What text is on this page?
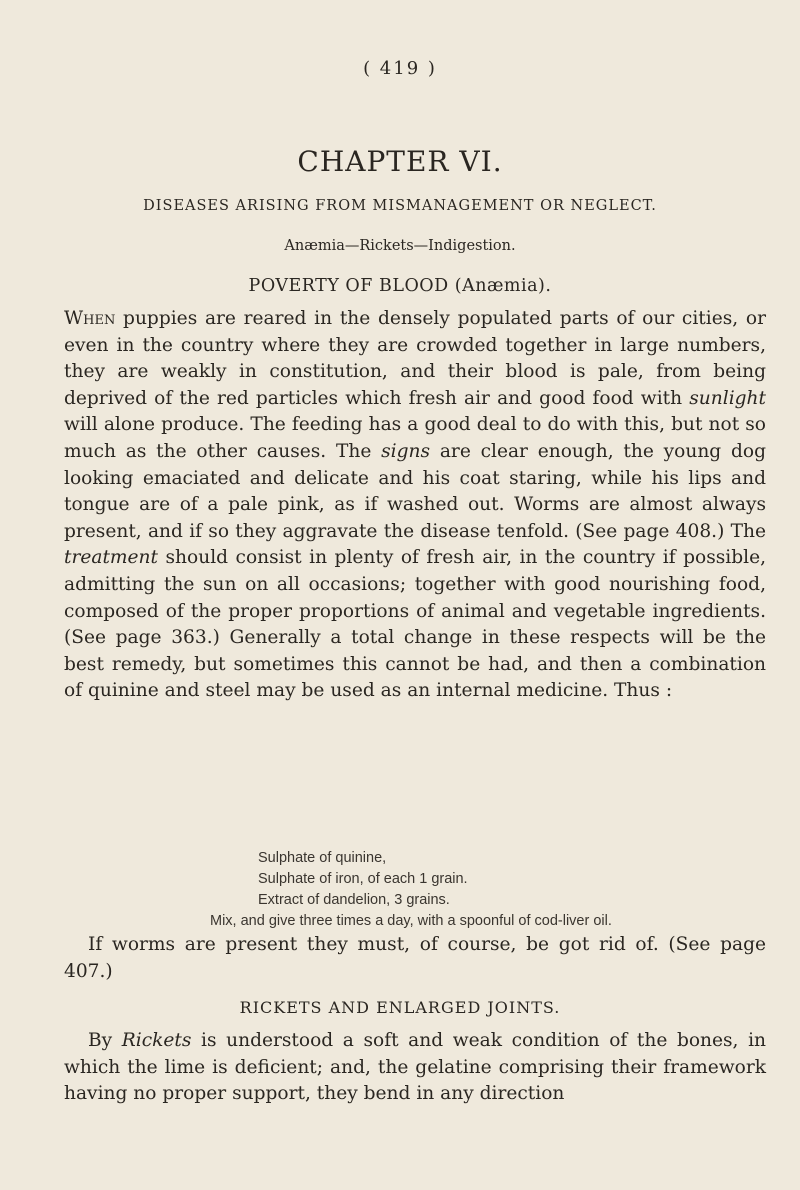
( 419 )
CHAPTER VI.
DISEASES ARISING FROM MISMANAGEMENT OR NEGLECT.
Anæmia—Rickets—Indigestion.
POVERTY OF BLOOD (Anæmia).

When puppies are reared in the densely populated parts of our cities, or even in the country where they are crowded together in large numbers, they are weakly in constitution, and their blood is pale, from being deprived of the red particles which fresh air and good food with sunlight will alone produce. The feeding has a good deal to do with this, but not so much as the other causes. The signs are clear enough, the young dog looking emaciated and delicate and his coat staring, while his lips and tongue are of a pale pink, as if washed out. Worms are almost always present, and if so they aggravate the disease tenfold. (See page 408.) The treatment should consist in plenty of fresh air, in the country if possible, admitting the sun on all occasions; together with good nourishing food, composed of the proper proportions of animal and vegetable ingredients. (See page 363.) Generally a total change in these respects will be the best remedy, but sometimes this cannot be had, and then a combination of quinine and steel may be used as an internal medicine. Thus :

Sulphate of quinine,
Sulphate of iron, of each 1 grain.
Extract of dandelion, 3 grains.
Mix, and give three times a day, with a spoonful of cod-liver oil.

If worms are present they must, of course, be got rid of. (See page 407.)

RICKETS AND ENLARGED JOINTS.

By Rickets is understood a soft and weak condition of the bones, in which the lime is deficient; and, the gelatine comprising their framework having no proper support, they bend in any direction
